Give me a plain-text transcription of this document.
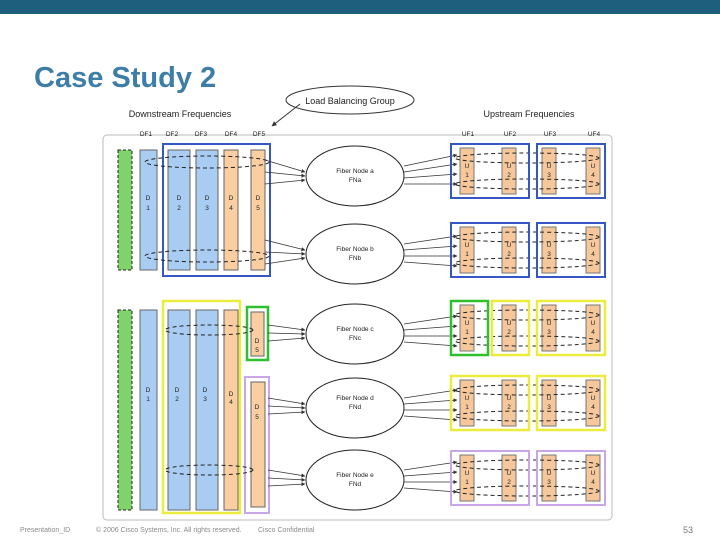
Case Study 2
Load Balancing Group
Downstream Frequencies	Upstream Frequencies
DF1 DF2	DF3	DF4 DF5	UF1	UF2	UF3	UF4
D
1
D
2
D
3
D
4
D
5
D
1
D
2
D
3
D
4
D
5
D
5
Fiber Node a
FNa
Fiber Node b
FNb
Fiber Node c
FNc
Fiber Node d
FNd
Fiber Node e
FNd
U
1
U
2
U
3
U
4
U
1
U
2
U
3
U
4
U
1
U
2
U
3
U
4
U
1
U
2
U
3
U
4
U
1
U
2
U
3
U
4
Presentation_ID	© 2006 Cisco Systems, Inc. All rights reserved. Cisco Confidential	53
